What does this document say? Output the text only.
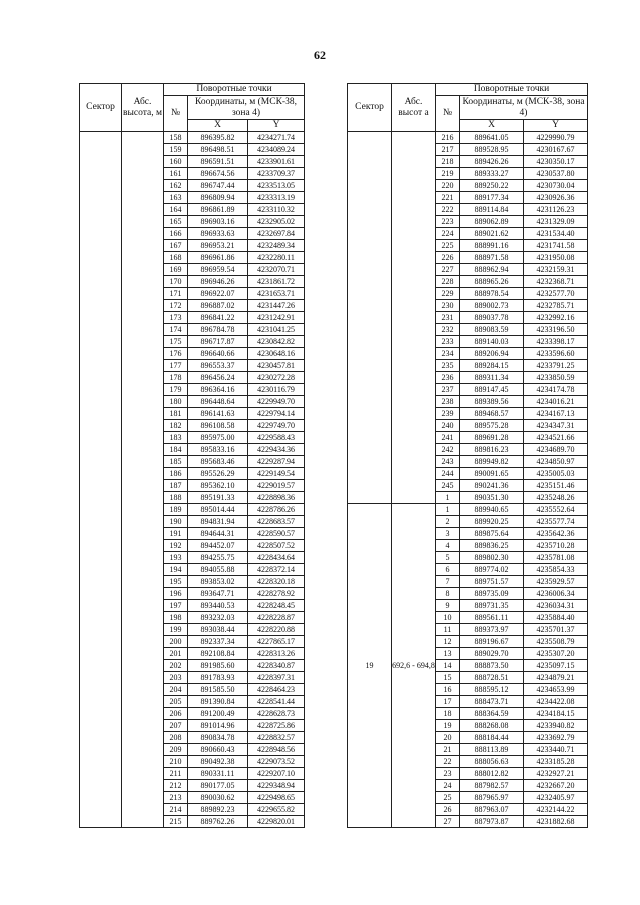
62
Сектор	Абс. высота, м	Поворотные точки		
		№	Координаты, м (МСК-38, зона 4)	
			X	Y
		158	896395.82	4234271.74
		159	896498.51	4234089.24
		160	896591.51	4233901.61
		161	896674.56	4233709.37
		162	896747.44	4233513.05
		163	896809.94	4233313.19
		164	896861.89	4233110.32
		165	896903.16	4232905.02
		166	896933.63	4232697.84
		167	896953.21	4232489.34
		168	896961.86	4232280.11
		169	896959.54	4232070.71
		170	896946.26	4231861.72
		171	896922.07	4231653.71
		172	896887.02	4231447.26
		173	896841.22	4231242.91
		174	896784.78	4231041.25
		175	896717.87	4230842.82
		176	896640.66	4230648.16
		177	896553.37	4230457.81
		178	896456.24	4230272.28
		179	896364.16	4230116.79
		180	896448.64	4229949.70
		181	896141.63	4229794.14
		182	896108.58	4229749.70
		183	895975.00	4229588.43
		184	895833.16	4229434.36
		185	895683.46	4229287.94
		186	895526.29	4229149.54
		187	895362.10	4229019.57
		188	895191.33	4228898.36
		189	895014.44	4228786.26
		190	894831.94	4228683.57
		191	894644.31	4228590.57
		192	894452.07	4228507.52
		193	894255.75	4228434.64
		194	894055.88	4228372.14
		195	893853.02	4228320.18
		196	893647.71	4228278.92
		197	893440.53	4228248.45
		198	893232.03	4228228.87
		199	893038.44	4228220.88
		200	892337.34	4227865.17
		201	892108.84	4228313.26
		202	891985.60	4228340.87
		203	891783.93	4228397.31
		204	891585.50	4228464.23
		205	891390.84	4228541.44
		206	891200.49	4228628.73
		207	891014.96	4228725.86
		208	890834.78	4228832.57
		209	890660.43	4228948.56
		210	890492.38	4229073.52
		211	890331.11	4229207.10
		212	890177.05	4229348.94
		213	890030.62	4229498.65
		214	889892.23	4229655.82
		215	889762.26	4229820.01
Сектор	Абс. высот а	Поворотные точки		
		№	Координаты, м (МСК-38, зона 4)	
			X	Y
		216	889641.05	4229990.79
		217	889528.95	4230167.67
		218	889426.26	4230350.17
		219	889333.27	4230537.80
		220	889250.22	4230730.04
		221	889177.34	4230926.36
		222	889114.84	4231126.23
		223	889062.89	4231329.09
		224	889021.62	4231534.40
		225	888991.16	4231741.58
		226	888971.58	4231950.08
		227	888962.94	4232159.31
		228	888965.26	4232368.71
		229	888978.54	4232577.70
		230	889002.73	4232785.71
		231	889037.78	4232992.16
		232	889083.59	4233196.50
		233	889140.03	4233398.17
		234	889206.94	4233596.60
		235	889284.15	4233791.25
		236	889311.34	4233850.59
		237	889147.45	4234174.78
		238	889389.56	4234016.21
		239	889468.57	4234167.13
		240	889575.28	4234347.31
		241	889691.28	4234521.66
		242	889816.23	4234689.70
		243	889949.82	4234850.97
		244	890091.65	4235005.03
		245	890241.36	4235151.46
		1	890351.30	4235248.26
19	692,6 - 694,8	1	889940.65	4235552.64
		2	889920.25	4235577.74
		3	889875.64	4235642.36
		4	889836.25	4235710.28
		5	889802.30	4235781.08
		6	889774.02	4235854.33
		7	889751.57	4235929.57
		8	889735.09	4236006.34
		9	889731.35	4236034.31
		10	889561.11	4235884.40
		11	889373.97	4235701.37
		12	889196.67	4235508.79
		13	889029.70	4235307.20
		14	888873.50	4235097.15
		15	888728.51	4234879.21
		16	888595.12	4234653.99
		17	888473.71	4234422.08
		18	888364.59	4234184.15
		19	888268.08	4233940.82
		20	888184.44	4233692.79
		21	888113.89	4233440.71
		22	888056.63	4233185.28
		23	888012.82	4232927.21
		24	887982.57	4232667.20
		25	887965.97	4232405.97
		26	887963.07	4232144.22
		27	887973.87	4231882.68
